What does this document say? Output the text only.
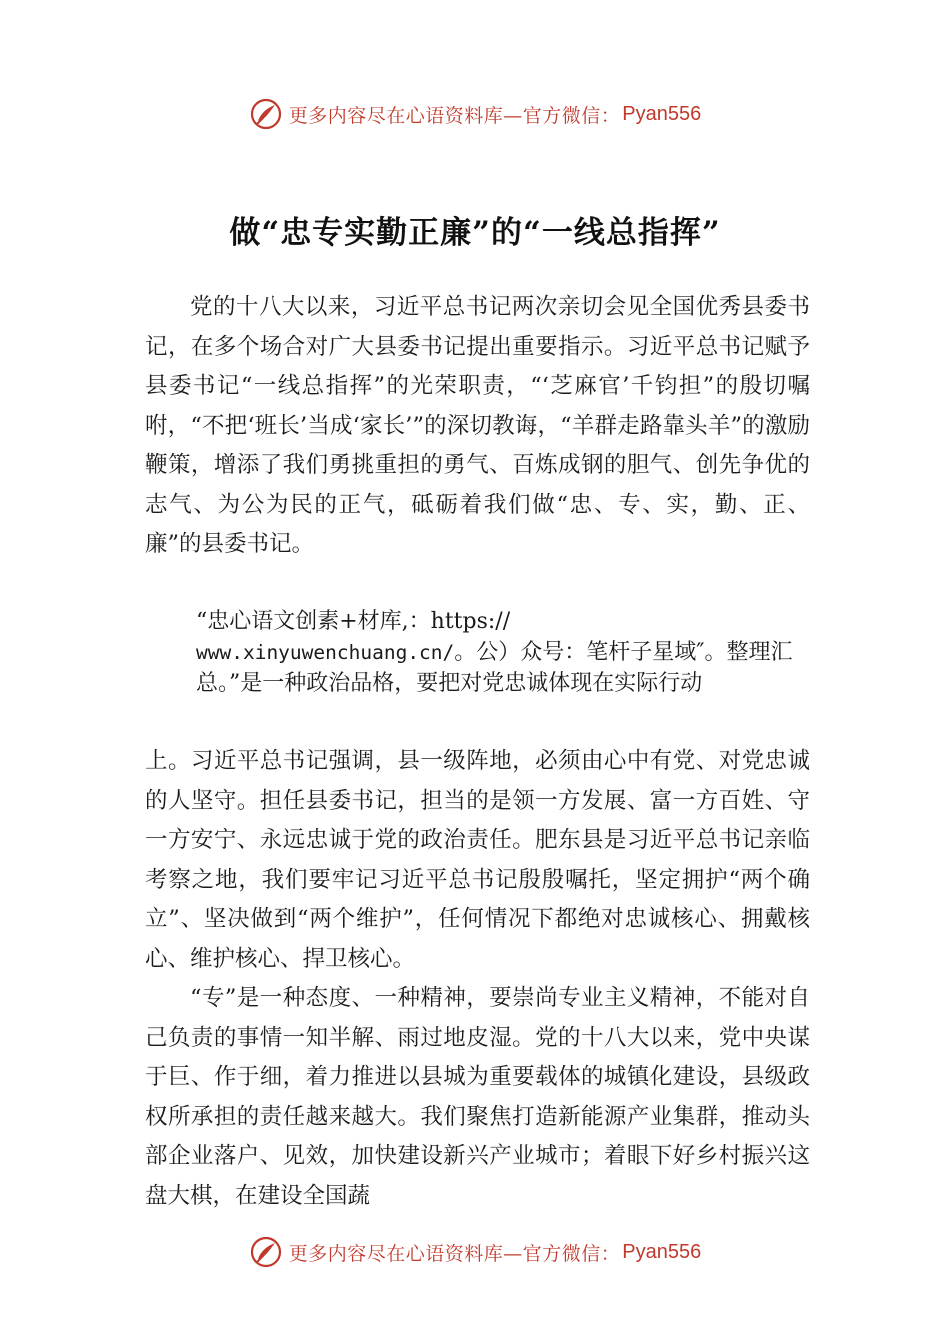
更多内容尽在心语资料库—官方微信： Pyan556
做“忠专实勤正廉”的“一线总指挥”

党的十八大以来，习近平总书记两次亲切会见全国优秀县委书记，在多个场合对广大县委书记提出重要指示。习近平总书记赋予县委书记“一线总指挥”的光荣职责，“‘芝麻官’千钧担”的殷切嘱咐，“不把‘班长’当成‘家长’”的深切教诲，“羊群走路靠头羊”的激励鞭策，增添了我们勇挑重担的勇气、百炼成钢的胆气、创先争优的志气、为公为民的正气，砥砺着我们做“忠、专、实，勤、正、廉”的县委书记。

“忠心语文创素+材库,：https://
www.xinyuwenchuang.cn/。公）众号：笔杆子星域″。整理汇总。”是一种政治品格，要把对党忠诚体现在实际行动

上。习近平总书记强调，县一级阵地，必须由心中有党、对党忠诚的人坚守。担任县委书记，担当的是领一方发展、富一方百姓、守一方安宁、永远忠诚于党的政治责任。肥东县是习近平总书记亲临考察之地，我们要牢记习近平总书记殷殷嘱托，坚定拥护“两个确立”、坚决做到“两个维护”，任何情况下都绝对忠诚核心、拥戴核心、维护核心、捍卫核心。

“专”是一种态度、一种精神，要崇尚专业主义精神，不能对自己负责的事情一知半解、雨过地皮湿。党的十八大以来，党中央谋于巨、作于细，着力推进以县城为重要载体的城镇化建设，县级政权所承担的责任越来越大。我们聚焦打造新能源产业集群，推动头部企业落户、见效，加快建设新兴产业城市；着眼下好乡村振兴这盘大棋，在建设全国蔬

更多内容尽在心语资料库—官方微信： Pyan556
